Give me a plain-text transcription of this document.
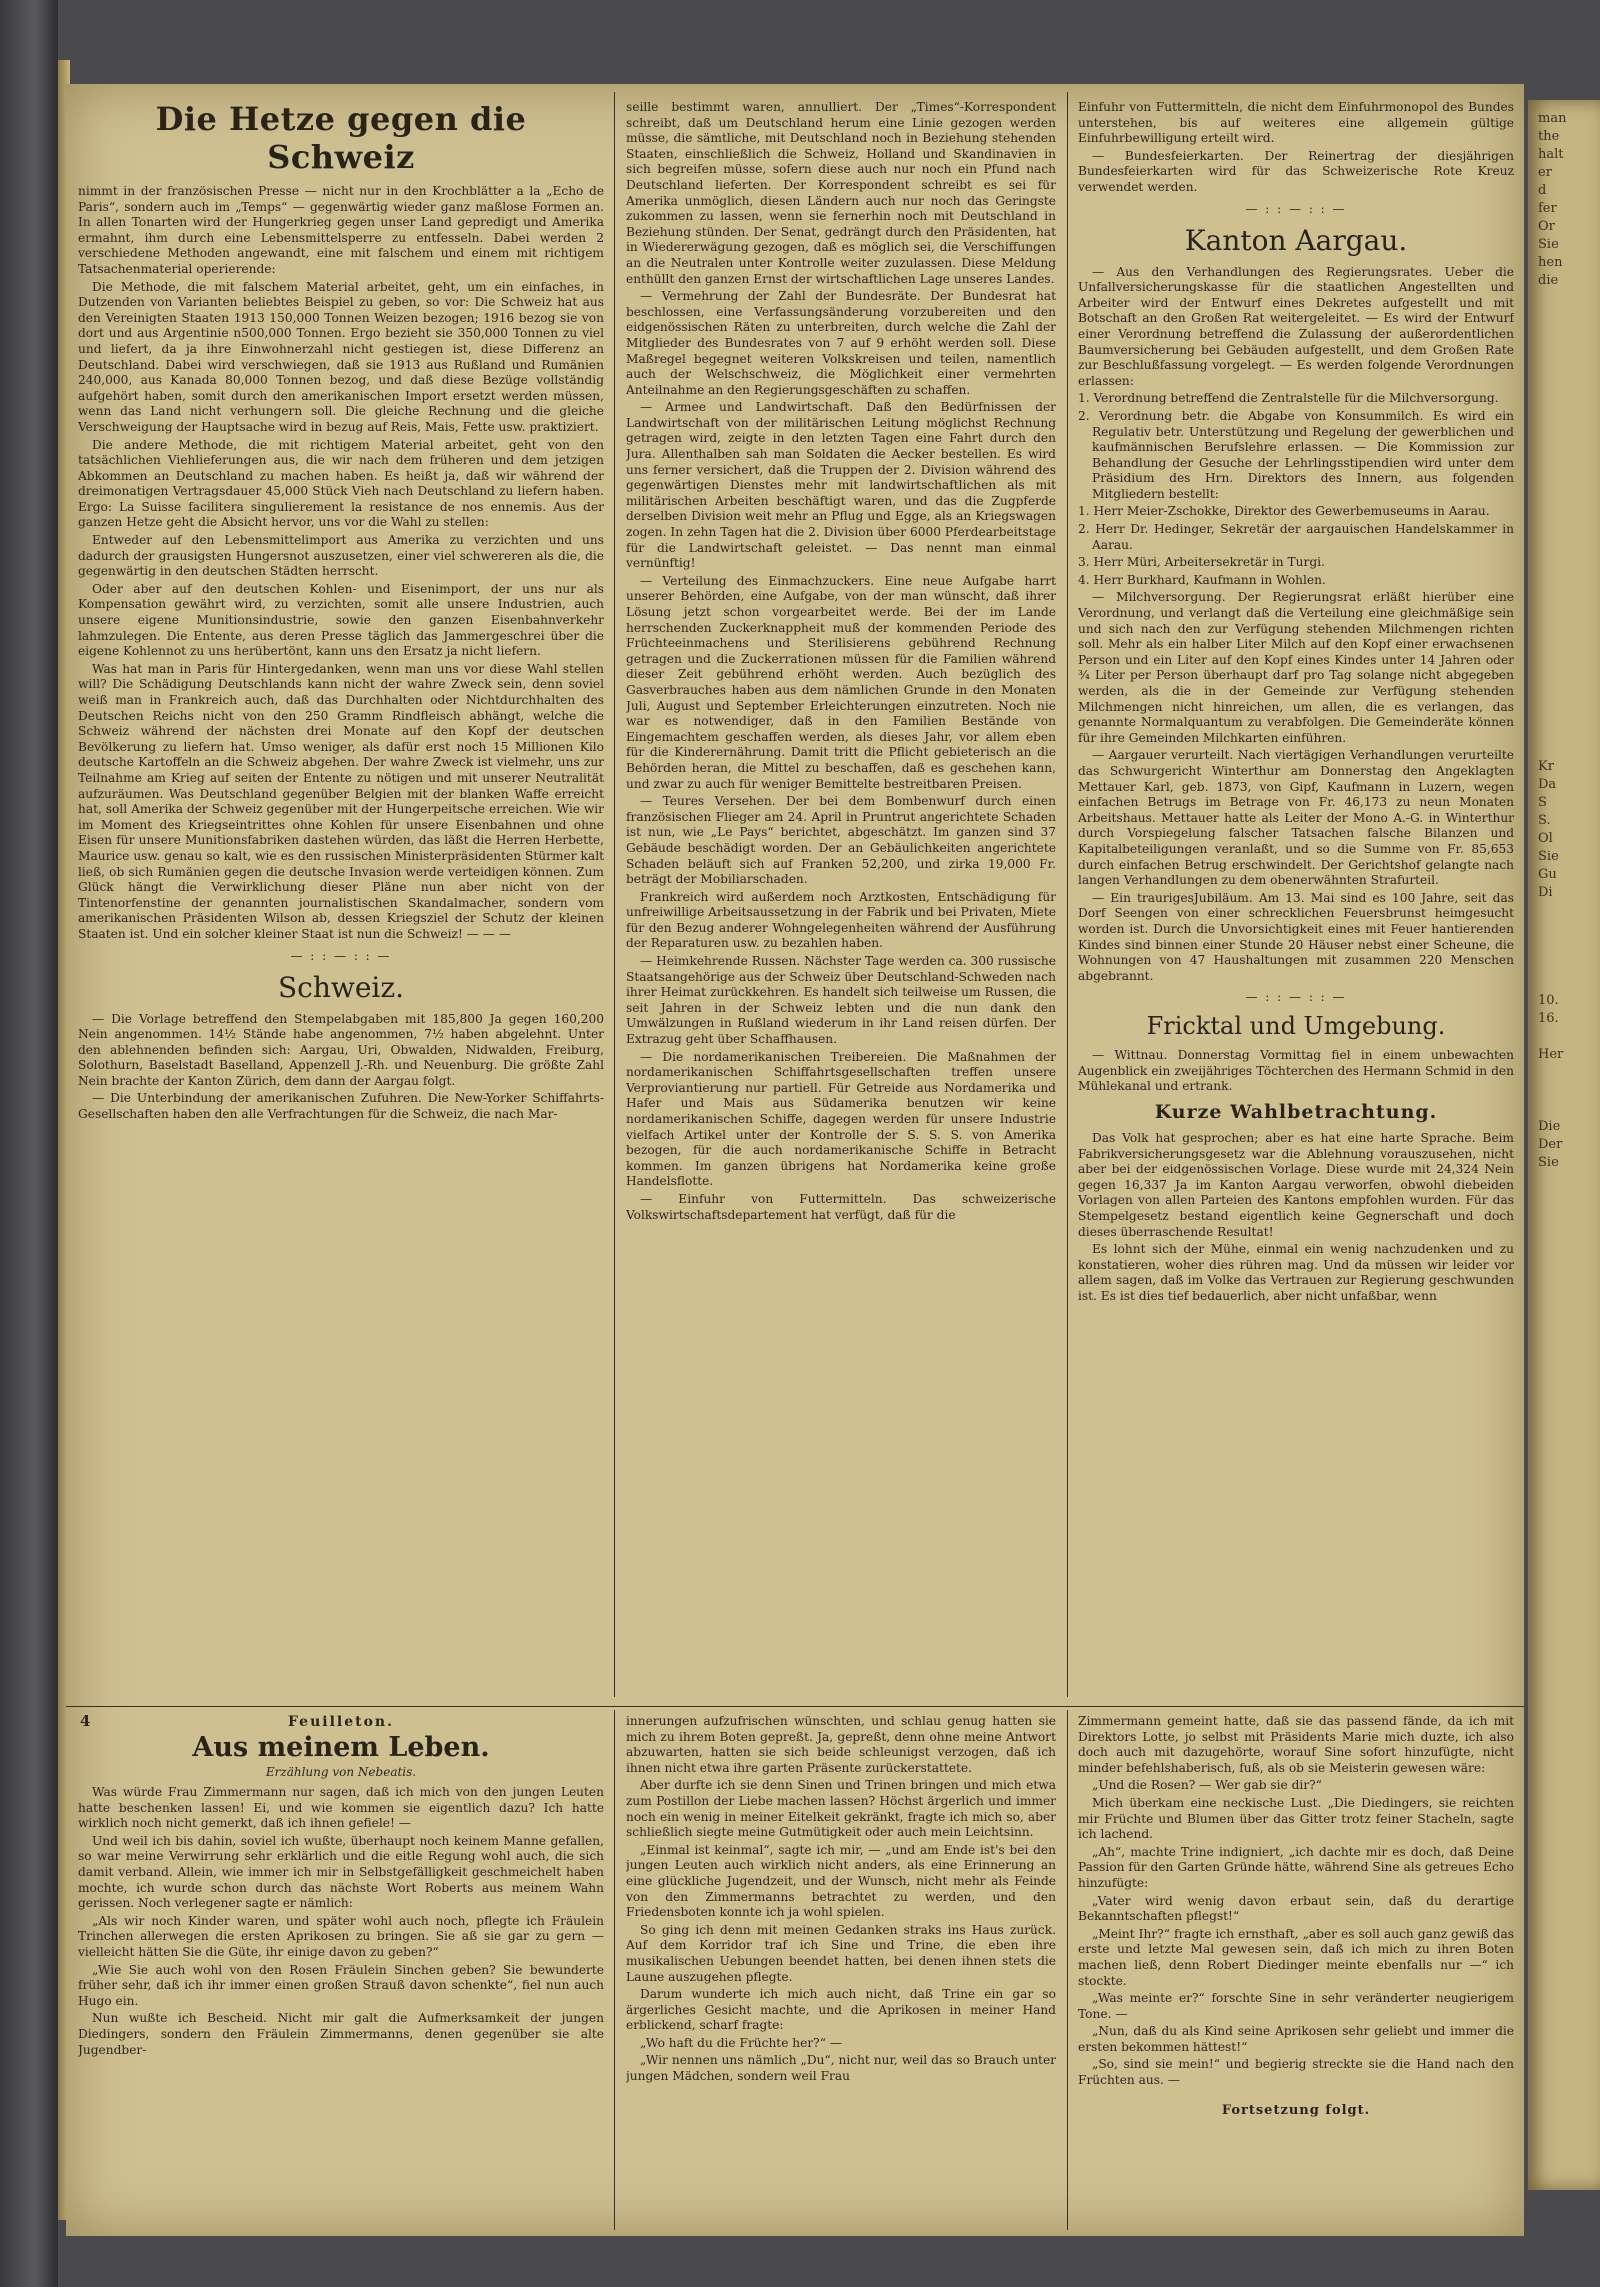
Die Hetze gegen die Schweiz

nimmt in der französischen Presse — nicht nur in den Krochblätter a la „Echo de Paris“, sondern auch im „Temps“ — gegenwärtig wieder ganz maßlose Formen an. In allen Tonarten wird der Hungerkrieg gegen unser Land gepredigt und Amerika ermahnt, ihm durch eine Lebensmittelsperre zu entfesseln. Dabei werden 2 verschiedene Methoden angewandt, eine mit falschem und einem mit richtigem Tatsachenmaterial operierende:

Die Methode, die mit falschem Material arbeitet, geht, um ein einfaches, in Dutzenden von Varianten beliebtes Beispiel zu geben, so vor: Die Schweiz hat aus den Vereinigten Staaten 1913 150,000 Tonnen Weizen bezogen; 1916 bezog sie von dort und aus Argentinie n500,000 Tonnen. Ergo bezieht sie 350,000 Tonnen zu viel und liefert, da ja ihre Einwohnerzahl nicht gestiegen ist, diese Differenz an Deutschland. Dabei wird verschwiegen, daß sie 1913 aus Rußland und Rumänien 240,000, aus Kanada 80,000 Tonnen bezog, und daß diese Bezüge vollständig aufgehört haben, somit durch den amerikanischen Import ersetzt werden müssen, wenn das Land nicht verhungern soll. Die gleiche Rechnung und die gleiche Verschweigung der Hauptsache wird in bezug auf Reis, Mais, Fette usw. praktiziert.

Die andere Methode, die mit richtigem Material arbeitet, geht von den tatsächlichen Viehlieferungen aus, die wir nach dem früheren und dem jetzigen Abkommen an Deutschland zu machen haben. Es heißt ja, daß wir während der dreimonatigen Vertragsdauer 45,000 Stück Vieh nach Deutschland zu liefern haben. Ergo: La Suisse facilitera singulierement la resistance de nos ennemis. Aus der ganzen Hetze geht die Absicht hervor, uns vor die Wahl zu stellen:

Entweder auf den Lebensmittelimport aus Amerika zu verzichten und uns dadurch der grausigsten Hungersnot auszusetzen, einer viel schwereren als die, die gegenwärtig in den deutschen Städten herrscht.

Oder aber auf den deutschen Kohlen- und Eisenimport, der uns nur als Kompensation gewährt wird, zu verzichten, somit alle unsere Industrien, auch unsere eigene Munitionsindustrie, sowie den ganzen Eisenbahnverkehr lahmzulegen. Die Entente, aus deren Presse täglich das Jammergeschrei über die eigene Kohlennot zu uns herübertönt, kann uns den Ersatz ja nicht liefern.

Was hat man in Paris für Hintergedanken, wenn man uns vor diese Wahl stellen will? Die Schädigung Deutschlands kann nicht der wahre Zweck sein, denn soviel weiß man in Frankreich auch, daß das Durchhalten oder Nichtdurchhalten des Deutschen Reichs nicht von den 250 Gramm Rindfleisch abhängt, welche die Schweiz während der nächsten drei Monate auf den Kopf der deutschen Bevölkerung zu liefern hat. Umso weniger, als dafür erst noch 15 Millionen Kilo deutsche Kartoffeln an die Schweiz abgehen. Der wahre Zweck ist vielmehr, uns zur Teilnahme am Krieg auf seiten der Entente zu nötigen und mit unserer Neutralität aufzuräumen. Was Deutschland gegenüber Belgien mit der blanken Waffe erreicht hat, soll Amerika der Schweiz gegenüber mit der Hungerpeitsche erreichen. Wie wir im Moment des Kriegseintrittes ohne Kohlen für unsere Eisenbahnen und ohne Eisen für unsere Munitionsfabriken dastehen würden, das läßt die Herren Herbette, Maurice usw. genau so kalt, wie es den russischen Ministerpräsidenten Stürmer kalt ließ, ob sich Rumänien gegen die deutsche Invasion werde verteidigen können. Zum Glück hängt die Verwirklichung dieser Pläne nun aber nicht von der Tintenorfenstine der genannten journalistischen Skandalmacher, sondern vom amerikanischen Präsidenten Wilson ab, dessen Kriegsziel der Schutz der kleinen Staaten ist. Und ein solcher kleiner Staat ist nun die Schweiz! — — —

— : : — : : —
Schweiz.

— Die Vorlage betreffend den Stempelabgaben mit 185,800 Ja gegen 160,200 Nein angenommen. 14½ Stände habe angenommen, 7½ haben abgelehnt. Unter den ablehnenden befinden sich: Aargau, Uri, Obwalden, Nidwalden, Freiburg, Solothurn, Baselstadt Baselland, Appenzell J.-Rh. und Neuenburg. Die größte Zahl Nein brachte der Kanton Zürich, dem dann der Aargau folgt.

— Die Unterbindung der amerikanischen Zufuhren. Die New-Yorker Schiffahrts-Gesellschaften haben den alle Verfrachtungen für die Schweiz, die nach Mar-

seille bestimmt waren, annulliert. Der „Times“-Korrespondent schreibt, daß um Deutschland herum eine Linie gezogen werden müsse, die sämtliche, mit Deutschland noch in Beziehung stehenden Staaten, einschließlich die Schweiz, Holland und Skandinavien in sich begreifen müsse, sofern diese auch nur noch ein Pfund nach Deutschland lieferten. Der Korrespondent schreibt es sei für Amerika unmöglich, diesen Ländern auch nur noch das Geringste zukommen zu lassen, wenn sie fernerhin noch mit Deutschland in Beziehung stünden. Der Senat, gedrängt durch den Präsidenten, hat in Wiedererwägung gezogen, daß es möglich sei, die Verschiffungen an die Neutralen unter Kontrolle weiter zuzulassen. Diese Meldung enthüllt den ganzen Ernst der wirtschaftlichen Lage unseres Landes.

— Vermehrung der Zahl der Bundesräte. Der Bundesrat hat beschlossen, eine Verfassungsänderung vorzubereiten und den eidgenössischen Räten zu unterbreiten, durch welche die Zahl der Mitglieder des Bundesrates von 7 auf 9 erhöht werden soll. Diese Maßregel begegnet weiteren Volkskreisen und teilen, namentlich auch der Welschschweiz, die Möglichkeit einer vermehrten Anteilnahme an den Regierungsgeschäften zu schaffen.

— Armee und Landwirtschaft. Daß den Bedürfnissen der Landwirtschaft von der militärischen Leitung möglichst Rechnung getragen wird, zeigte in den letzten Tagen eine Fahrt durch den Jura. Allenthalben sah man Soldaten die Aecker bestellen. Es wird uns ferner versichert, daß die Truppen der 2. Division während des gegenwärtigen Dienstes mehr mit landwirtschaftlichen als mit militärischen Arbeiten beschäftigt waren, und das die Zugpferde derselben Division weit mehr an Pflug und Egge, als an Kriegswagen zogen. In zehn Tagen hat die 2. Division über 6000 Pferdearbeitstage für die Landwirtschaft geleistet. — Das nennt man einmal vernünftig!

— Verteilung des Einmachzuckers. Eine neue Aufgabe harrt unserer Behörden, eine Aufgabe, von der man wünscht, daß ihrer Lösung jetzt schon vorgearbeitet werde. Bei der im Lande herrschenden Zuckerknappheit muß der kommenden Periode des Früchteeinmachens und Sterilisierens gebührend Rechnung getragen und die Zuckerrationen müssen für die Familien während dieser Zeit gebührend erhöht werden. Auch bezüglich des Gasverbrauches haben aus dem nämlichen Grunde in den Monaten Juli, August und September Erleichterungen einzutreten. Noch nie war es notwendiger, daß in den Familien Bestände von Eingemachtem geschaffen werden, als dieses Jahr, vor allem eben für die Kinderernährung. Damit tritt die Pflicht gebieterisch an die Behörden heran, die Mittel zu beschaffen, daß es geschehen kann, und zwar zu auch für weniger Bemittelte bestreitbaren Preisen.

— Teures Versehen. Der bei dem Bombenwurf durch einen französischen Flieger am 24. April in Pruntrut angerichtete Schaden ist nun, wie „Le Pays“ berichtet, abgeschätzt. Im ganzen sind 37 Gebäude beschädigt worden. Der an Gebäulichkeiten angerichtete Schaden beläuft sich auf Franken 52,200, und zirka 19,000 Fr. beträgt der Mobiliarschaden.

Frankreich wird außerdem noch Arztkosten, Entschädigung für unfreiwillige Arbeitsaussetzung in der Fabrik und bei Privaten, Miete für den Bezug anderer Wohngelegenheiten während der Ausführung der Reparaturen usw. zu bezahlen haben.

— Heimkehrende Russen. Nächster Tage werden ca. 300 russische Staatsangehörige aus der Schweiz über Deutschland-Schweden nach ihrer Heimat zurückkehren. Es handelt sich teilweise um Russen, die seit Jahren in der Schweiz lebten und die nun dank den Umwälzungen in Rußland wiederum in ihr Land reisen dürfen. Der Extrazug geht über Schaffhausen.

— Die nordamerikanischen Treibereien. Die Maßnahmen der nordamerikanischen Schiffahrtsgesellschaften treffen unsere Verproviantierung nur partiell. Für Getreide aus Nordamerika und Hafer und Mais aus Südamerika benutzen wir keine nordamerikanischen Schiffe, dagegen werden für unsere Industrie vielfach Artikel unter der Kontrolle der S. S. S. von Amerika bezogen, für die auch nordamerikanische Schiffe in Betracht kommen. Im ganzen übrigens hat Nordamerika keine große Handelsflotte.

— Einfuhr von Futtermitteln. Das schweizerische Volkswirtschaftsdepartement hat verfügt, daß für die

Einfuhr von Futtermitteln, die nicht dem Einfuhrmonopol des Bundes unterstehen, bis auf weiteres eine allgemein gültige Einfuhrbewilligung erteilt wird.

— Bundesfeierkarten. Der Reinertrag der diesjährigen Bundesfeierkarten wird für das Schweizerische Rote Kreuz verwendet werden.

— : : — : : —
Kanton Aargau.

— Aus den Verhandlungen des Regierungsrates. Ueber die Unfallversicherungskasse für die staatlichen Angestellten und Arbeiter wird der Entwurf eines Dekretes aufgestellt und mit Botschaft an den Großen Rat weitergeleitet. — Es wird der Entwurf einer Verordnung betreffend die Zulassung der außerordentlichen Baumversicherung bei Gebäuden aufgestellt, und dem Großen Rate zur Beschlußfassung vorgelegt. — Es werden folgende Verordnungen erlassen:

1. Verordnung betreffend die Zentralstelle für die Milchversorgung.

2. Verordnung betr. die Abgabe von Konsummilch. Es wird ein Regulativ betr. Unterstützung und Regelung der gewerblichen und kaufmännischen Berufslehre erlassen. — Die Kommission zur Behandlung der Gesuche der Lehrlingsstipendien wird unter dem Präsidium des Hrn. Direktors des Innern, aus folgenden Mitgliedern bestellt:

1. Herr Meier-Zschokke, Direktor des Gewerbemuseums in Aarau.

2. Herr Dr. Hedinger, Sekretär der aargauischen Handelskammer in Aarau.

3. Herr Müri, Arbeitersekretär in Turgi.

4. Herr Burkhard, Kaufmann in Wohlen.

— Milchversorgung. Der Regierungsrat erläßt hierüber eine Verordnung, und verlangt daß die Verteilung eine gleichmäßige sein und sich nach den zur Verfügung stehenden Milchmengen richten soll. Mehr als ein halber Liter Milch auf den Kopf einer erwachsenen Person und ein Liter auf den Kopf eines Kindes unter 14 Jahren oder ¾ Liter per Person überhaupt darf pro Tag solange nicht abgegeben werden, als die in der Gemeinde zur Verfügung stehenden Milchmengen nicht hinreichen, um allen, die es verlangen, das genannte Normalquantum zu verabfolgen. Die Gemeinderäte können für ihre Gemeinden Milchkarten einführen.

— Aargauer verurteilt. Nach viertägigen Verhandlungen verurteilte das Schwurgericht Winterthur am Donnerstag den Angeklagten Mettauer Karl, geb. 1873, von Gipf, Kaufmann in Luzern, wegen einfachen Betrugs im Betrage von Fr. 46,173 zu neun Monaten Arbeitshaus. Mettauer hatte als Leiter der Mono A.-G. in Winterthur durch Vorspiegelung falscher Tatsachen falsche Bilanzen und Kapitalbeteiligungen veranlaßt, und so die Summe von Fr. 85,653 durch einfachen Betrug erschwindelt. Der Gerichtshof gelangte nach langen Verhandlungen zu dem obenerwähnten Strafurteil.

— Ein traurigesJubiläum. Am 13. Mai sind es 100 Jahre, seit das Dorf Seengen von einer schrecklichen Feuersbrunst heimgesucht worden ist. Durch die Unvorsichtigkeit eines mit Feuer hantierenden Kindes sind binnen einer Stunde 20 Häuser nebst einer Scheune, die Wohnungen von 47 Haushaltungen mit zusammen 220 Menschen abgebrannt.

— : : — : : —
Fricktal und Umgebung.

— Wittnau. Donnerstag Vormittag fiel in einem unbewachten Augenblick ein zweijähriges Töchterchen des Hermann Schmid in den Mühlekanal und ertrank.

Kurze Wahlbetrachtung.

Das Volk hat gesprochen; aber es hat eine harte Sprache. Beim Fabrikversicherungsgesetz war die Ablehnung vorauszusehen, nicht aber bei der eidgenössischen Vorlage. Diese wurde mit 24,324 Nein gegen 16,337 Ja im Kanton Aargau verworfen, obwohl diebeiden Vorlagen von allen Parteien des Kantons empfohlen wurden. Für das Stempelgesetz bestand eigentlich keine Gegnerschaft und doch dieses überraschende Resultat!

Es lohnt sich der Mühe, einmal ein wenig nachzudenken und zu konstatieren, woher dies rühren mag. Und da müssen wir leider vor allem sagen, daß im Volke das Vertrauen zur Regierung geschwunden ist. Es ist dies tief bedauerlich, aber nicht unfaßbar, wenn

4	Feuilleton.
Aus meinem Leben.
Erzählung von Nebeatis.

Was würde Frau Zimmermann nur sagen, daß ich mich von den jungen Leuten hatte beschenken lassen! Ei, und wie kommen sie eigentlich dazu? Ich hatte wirklich noch nicht gemerkt, daß ich ihnen gefiele! —

Und weil ich bis dahin, soviel ich wußte, überhaupt noch keinem Manne gefallen, so war meine Verwirrung sehr erklärlich und die eitle Regung wohl auch, die sich damit verband. Allein, wie immer ich mir in Selbstgefälligkeit geschmeichelt haben mochte, ich wurde schon durch das nächste Wort Roberts aus meinem Wahn gerissen. Noch verlegener sagte er nämlich:

„Als wir noch Kinder waren, und später wohl auch noch, pflegte ich Fräulein Trinchen allerwegen die ersten Aprikosen zu bringen. Sie aß sie gar zu gern — vielleicht hätten Sie die Güte, ihr einige davon zu geben?“

„Wie Sie auch wohl von den Rosen Fräulein Sinchen geben? Sie bewunderte früher sehr, daß ich ihr immer einen großen Strauß davon schenkte“, fiel nun auch Hugo ein.

Nun wußte ich Bescheid. Nicht mir galt die Aufmerksamkeit der jungen Diedingers, sondern den Fräulein Zimmermanns, denen gegenüber sie alte Jugendber-

innerungen aufzufrischen wünschten, und schlau genug hatten sie mich zu ihrem Boten gepreßt. Ja, gepreßt, denn ohne meine Antwort abzuwarten, hatten sie sich beide schleunigst verzogen, daß ich ihnen nicht etwa ihre garten Präsente zurückerstattete.

Aber durfte ich sie denn Sinen und Trinen bringen und mich etwa zum Postillon der Liebe machen lassen? Höchst ärgerlich und immer noch ein wenig in meiner Eitelkeit gekränkt, fragte ich mich so, aber schließlich siegte meine Gutmütigkeit oder auch mein Leichtsinn.

„Einmal ist keinmal“, sagte ich mir, — „und am Ende ist's bei den jungen Leuten auch wirklich nicht anders, als eine Erinnerung an eine glückliche Jugendzeit, und der Wunsch, nicht mehr als Feinde von den Zimmermanns betrachtet zu werden, und den Friedensboten konnte ich ja wohl spielen.

So ging ich denn mit meinen Gedanken straks ins Haus zurück. Auf dem Korridor traf ich Sine und Trine, die eben ihre musikalischen Uebungen beendet hatten, bei denen ihnen stets die Laune auszugehen pflegte.

Darum wunderte ich mich auch nicht, daß Trine ein gar so ärgerliches Gesicht machte, und die Aprikosen in meiner Hand erblickend, scharf fragte:

„Wo haft du die Früchte her?“ —

„Wir nennen uns nämlich „Du“, nicht nur, weil das so Brauch unter jungen Mädchen, sondern weil Frau

Zimmermann gemeint hatte, daß sie das passend fände, da ich mit Direktors Lotte, jo selbst mit Präsidents Marie mich duzte, ich also doch auch mit dazugehörte, worauf Sine sofort hinzufügte, nicht minder befehlshaberisch, fuß, als ob sie Meisterin gewesen wäre:

„Und die Rosen? — Wer gab sie dir?“

Mich überkam eine neckische Lust. „Die Diedingers, sie reichten mir Früchte und Blumen über das Gitter trotz feiner Stacheln, sagte ich lachend.

„Ah“, machte Trine indigniert, „ich dachte mir es doch, daß Deine Passion für den Garten Gründe hätte, während Sine als getreues Echo hinzufügte:

„Vater wird wenig davon erbaut sein, daß du derartige Bekanntschaften pflegst!“

„Meint Ihr?“ fragte ich ernsthaft, „aber es soll auch ganz gewiß das erste und letzte Mal gewesen sein, daß ich mich zu ihren Boten machen ließ, denn Robert Diedinger meinte ebenfalls nur —“ ich stockte.

„Was meinte er?“ forschte Sine in sehr veränderter neugierigem Tone. —

„Nun, daß du als Kind seine Aprikosen sehr geliebt und immer die ersten bekommen hättest!“

„So, sind sie mein!“ und begierig streckte sie die Hand nach den Früchten aus. —

Fortsetzung folgt.
man
the
halt
er
d
fer
Or
Sie
hen
die

Kr
Da
S
S.
Ol
Sie
Gu
Di

10.
16.

Her

Die
Der
Sie
